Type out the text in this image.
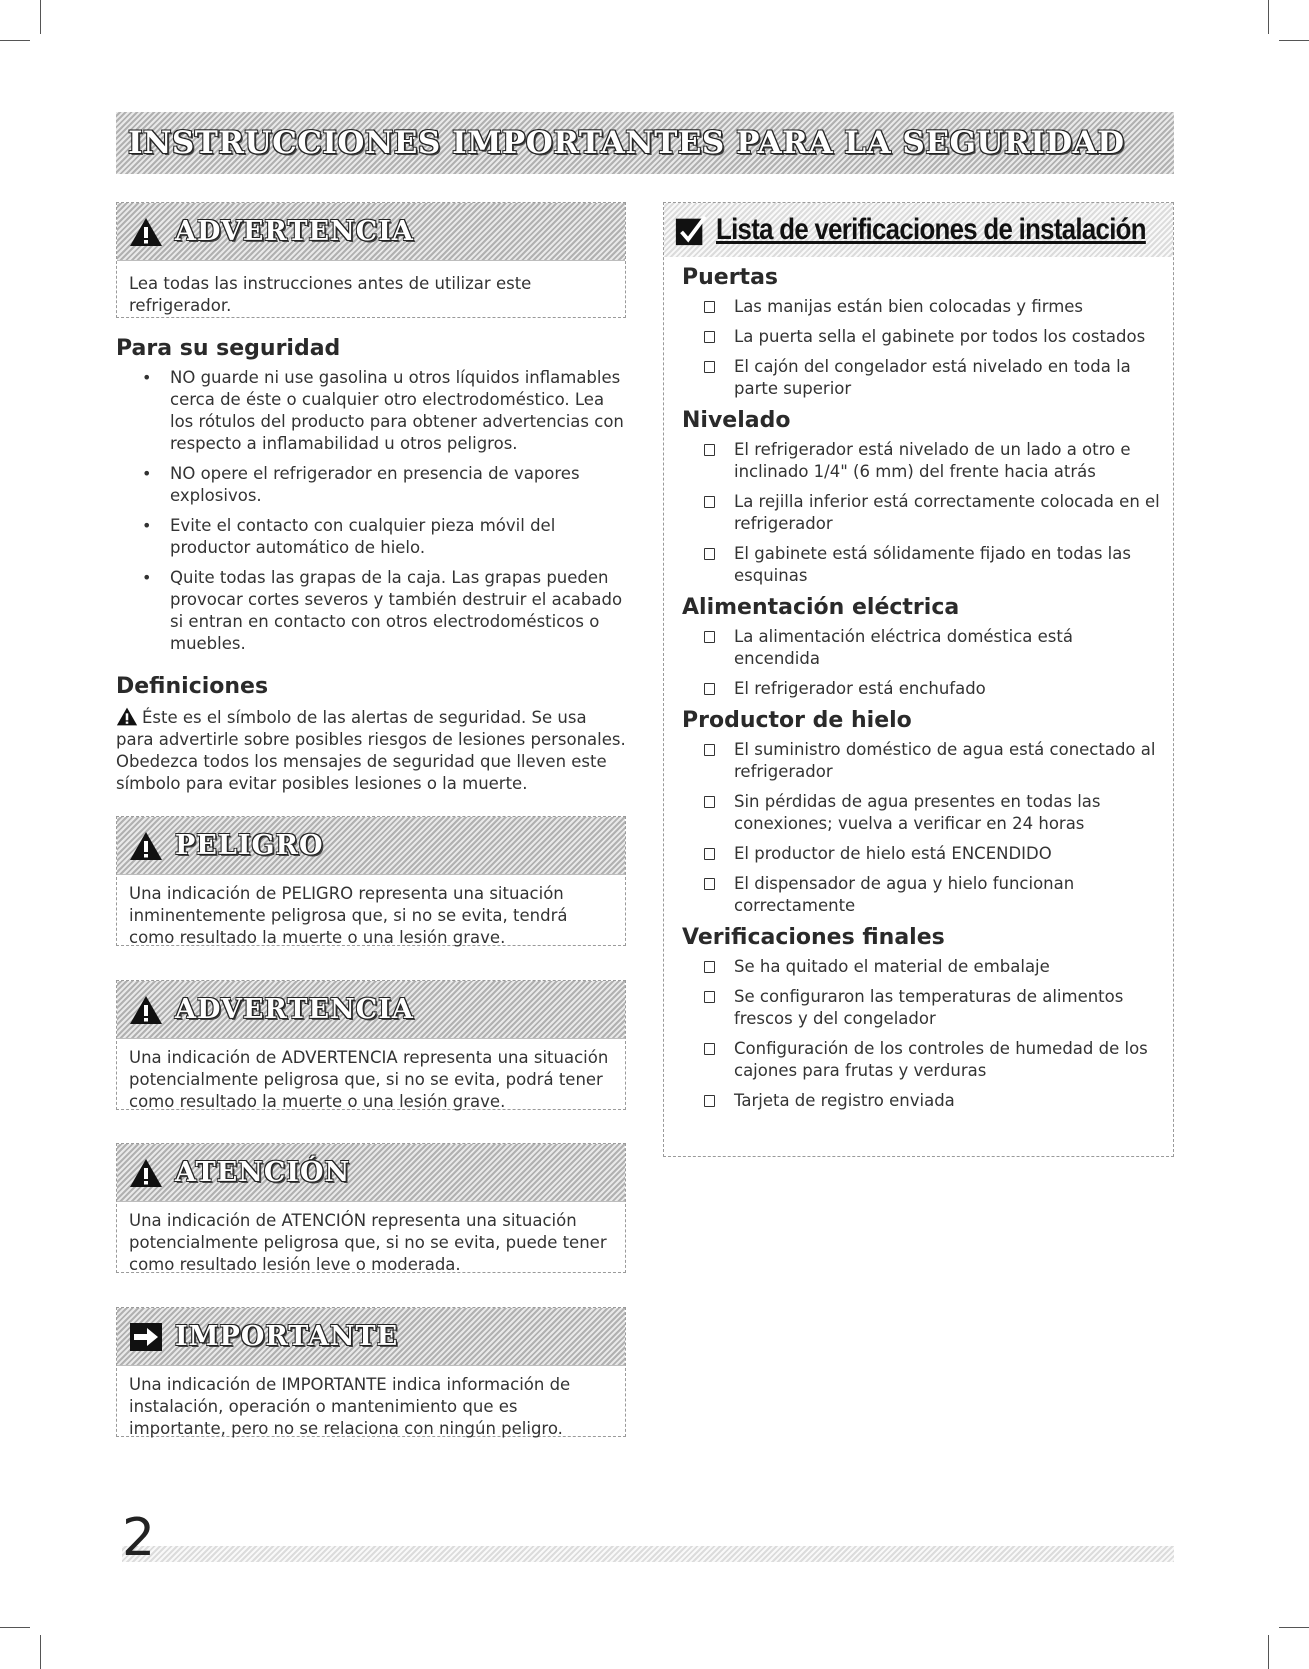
INSTRUCCIONES IMPORTANTES PARA LA SEGURIDAD
ADVERTENCIA
Lea todas las instrucciones antes de utilizar este refrigerador.
Para su seguridad
• NO guarde ni use gasolina u otros líquidos inflamables cerca de éste o cualquier otro electrodoméstico. Lea los rótulos del producto para obtener advertencias con respecto a inflamabilidad u otros peligros.
• NO opere el refrigerador en presencia de vapores explosivos.
• Evite el contacto con cualquier pieza móvil del productor automático de hielo.
• Quite todas las grapas de la caja. Las grapas pueden provocar cortes severos y también destruir el acabado si entran en contacto con otros electrodomésticos o muebles.
Definiciones

Éste es el símbolo de las alertas de seguridad. Se usa para advertirle sobre posibles riesgos de lesiones personales. Obedezca todos los mensajes de seguridad que lleven este símbolo para evitar posibles lesiones o la muerte.

PELIGRO
Una indicación de PELIGRO representa una situación inminentemente peligrosa que, si no se evita, tendrá como resultado la muerte o una lesión grave.
ADVERTENCIA
Una indicación de ADVERTENCIA representa una situación potencialmente peligrosa que, si no se evita, podrá tener como resultado la muerte o una lesión grave.
ATENCIÓN
Una indicación de ATENCIÓN representa una situación potencialmente peligrosa que, si no se evita, puede tener como resultado lesión leve o moderada.
IMPORTANTE
Una indicación de IMPORTANTE indica información de instalación, operación o mantenimiento que es importante, pero no se relaciona con ningún peligro.
Lista de verificaciones de instalación
Puertas
Las manijas están bien colocadas y firmes
La puerta sella el gabinete por todos los costados
El cajón del congelador está nivelado en toda la parte superior
Nivelado
El refrigerador está nivelado de un lado a otro e inclinado 1/4" (6 mm) del frente hacia atrás
La rejilla inferior está correctamente colocada en el refrigerador
El gabinete está sólidamente fijado en todas las esquinas
Alimentación eléctrica
La alimentación eléctrica doméstica está encendida
El refrigerador está enchufado
Productor de hielo
El suministro doméstico de agua está conectado al refrigerador
Sin pérdidas de agua presentes en todas las conexiones; vuelva a verificar en 24 horas
El productor de hielo está ENCENDIDO
El dispensador de agua y hielo funcionan correctamente
Verificaciones finales
Se ha quitado el material de embalaje
Se configuraron las temperaturas de alimentos frescos y del congelador
Configuración de los controles de humedad de los cajones para frutas y verduras
Tarjeta de registro enviada
2
